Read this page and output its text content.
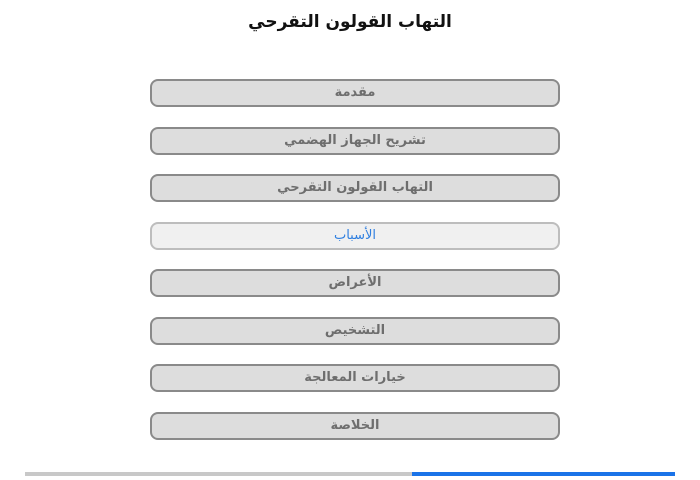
التهاب القولون التقرحي
مقدمة
تشريح الجهاز الهضمي
التهاب القولون التقرحي
الأسباب
الأعراض
التشخيص
خيارات المعالجة
الخلاصة
